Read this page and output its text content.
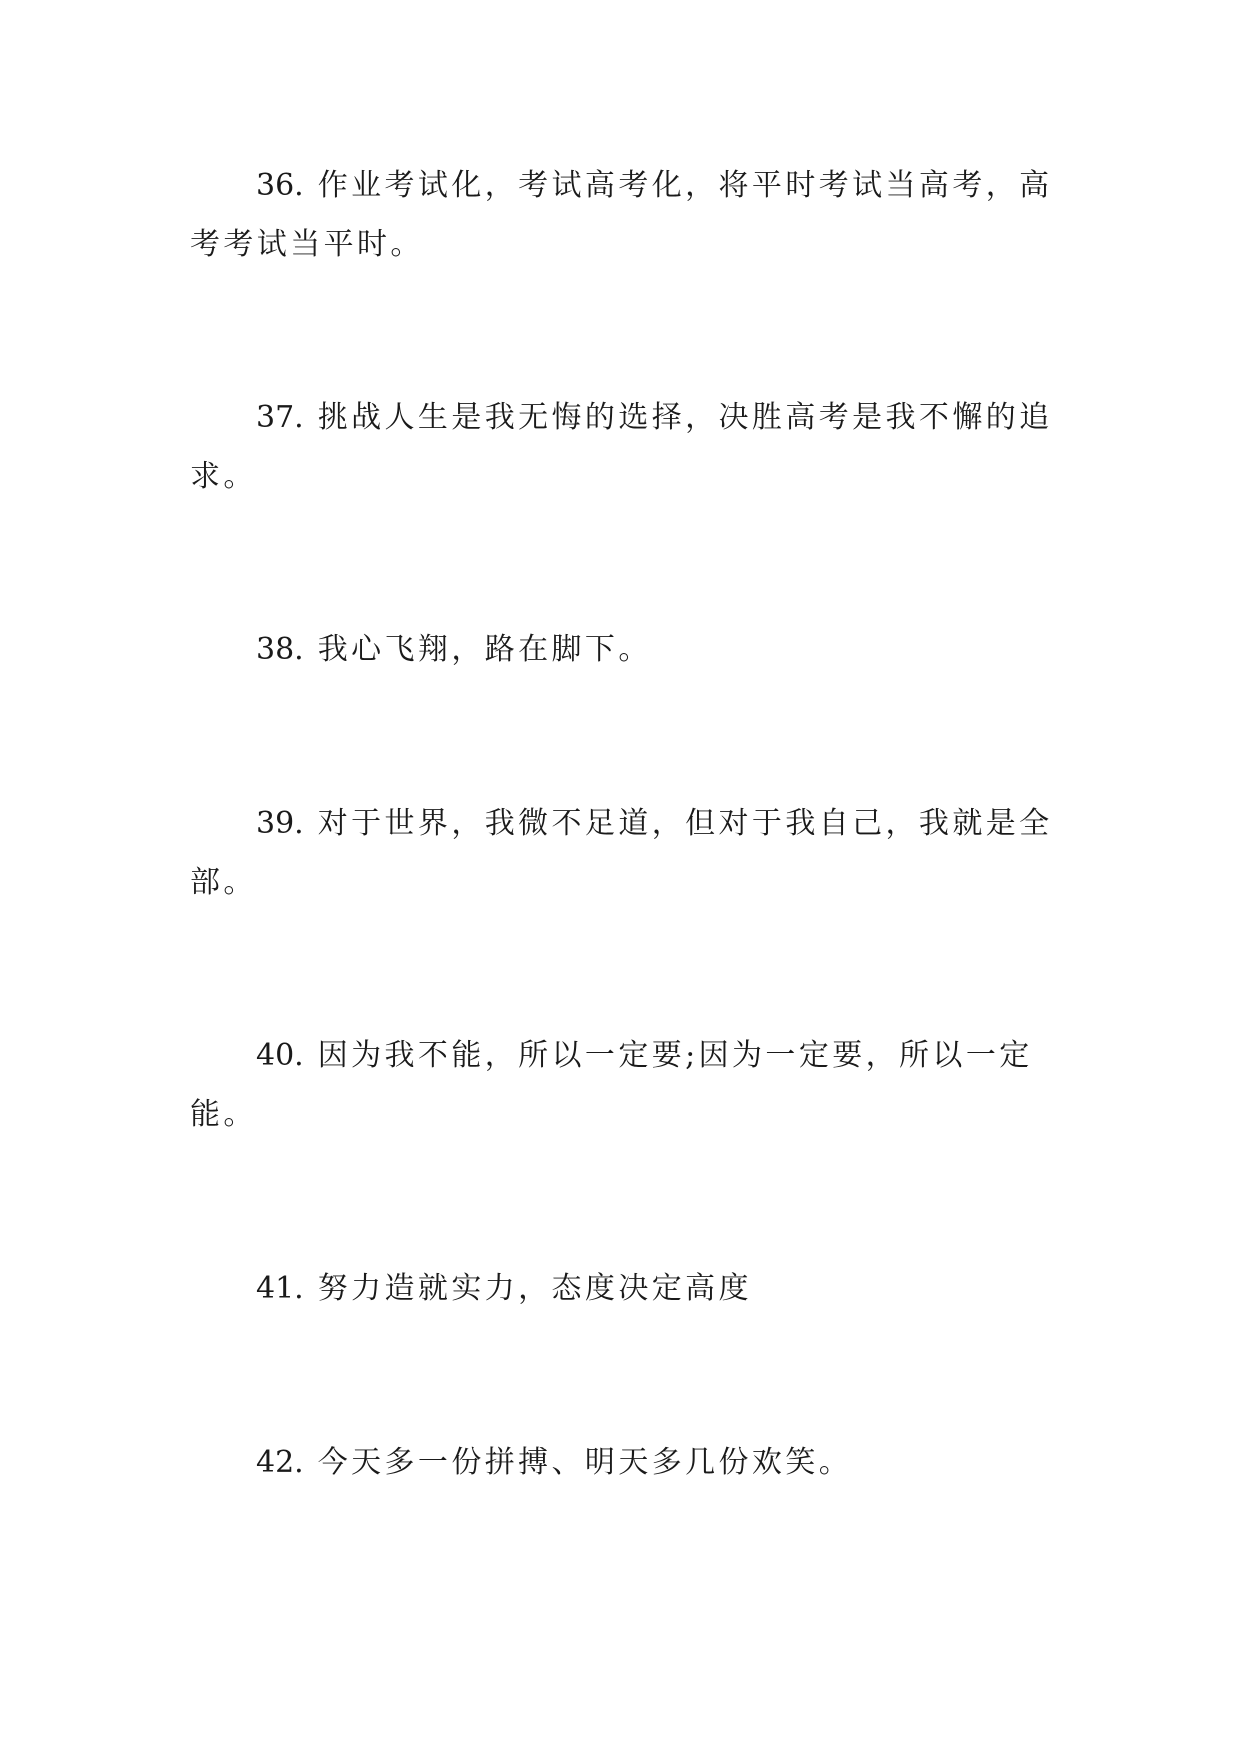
36. 作业考试化，考试高考化，将平时考试当高考，高考考试当平时。

37. 挑战人生是我无悔的选择，决胜高考是我不懈的追求。

38. 我心飞翔，路在脚下。

39. 对于世界，我微不足道，但对于我自己，我就是全部。

40. 因为我不能，所以一定要;因为一定要，所以一定能。

41. 努力造就实力，态度决定高度

42. 今天多一份拼搏、明天多几份欢笑。
